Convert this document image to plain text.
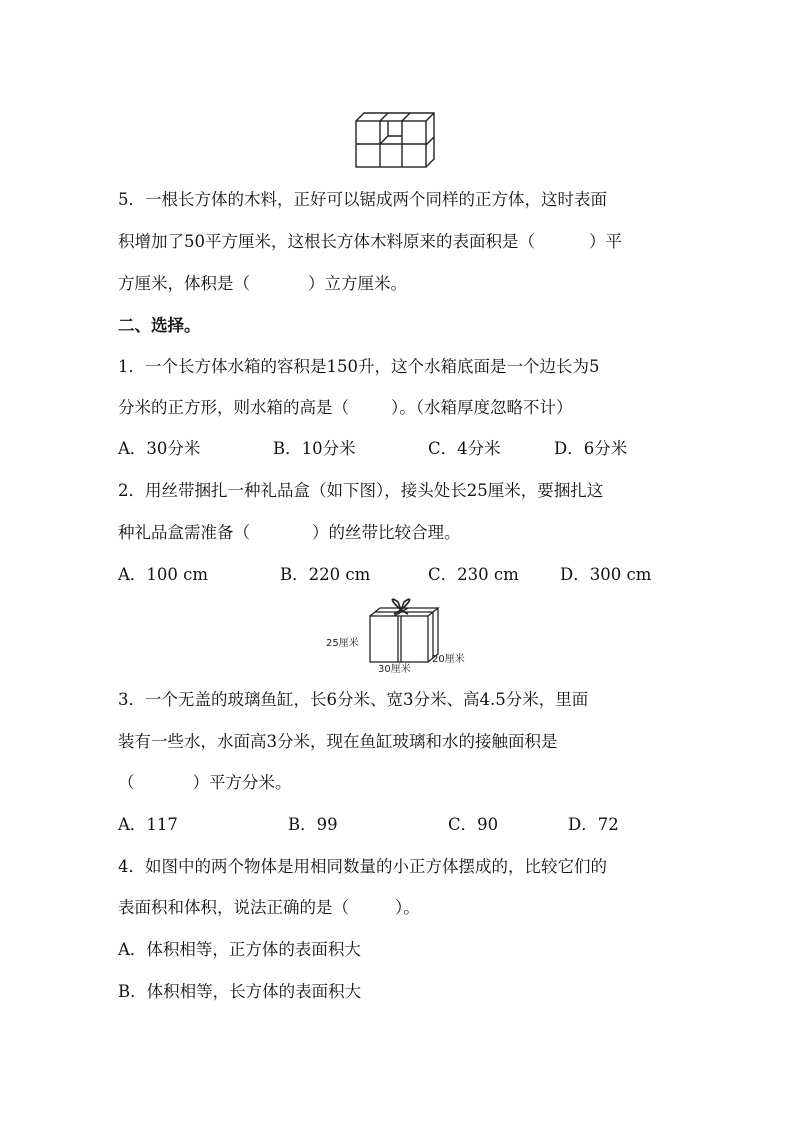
5．一根长方体的木料，正好可以锯成两个同样的正方体，这时表面
积增加了50平方厘米，这根长方体木料原来的表面积是（	）平
方厘米，体积是（	）立方厘米。
二、选择。
1．一个长方体水箱的容积是150升，这个水箱底面是一个边长为5
分米的正方形，则水箱的高是（	）。（水箱厚度忽略不计）
A．30分米	B．10分米	C．4分米	D．6分米
2．用丝带捆扎一种礼品盒（如下图），接头处长25厘米，要捆扎这
种礼品盒需准备（	）的丝带比较合理。
A．100 cm	B．220 cm	C．230 cm	D．300 cm
25厘米
30厘米
20厘米
3．一个无盖的玻璃鱼缸，长6分米、宽3分米、高4.5分米，里面
装有一些水，水面高3分米，现在鱼缸玻璃和水的接触面积是
（	）平方分米。
A．117	B．99	C．90	D．72
4．如图中的两个物体是用相同数量的小正方体摆成的，比较它们的
表面积和体积，说法正确的是（	）。
A．体积相等，正方体的表面积大
B．体积相等，长方体的表面积大
